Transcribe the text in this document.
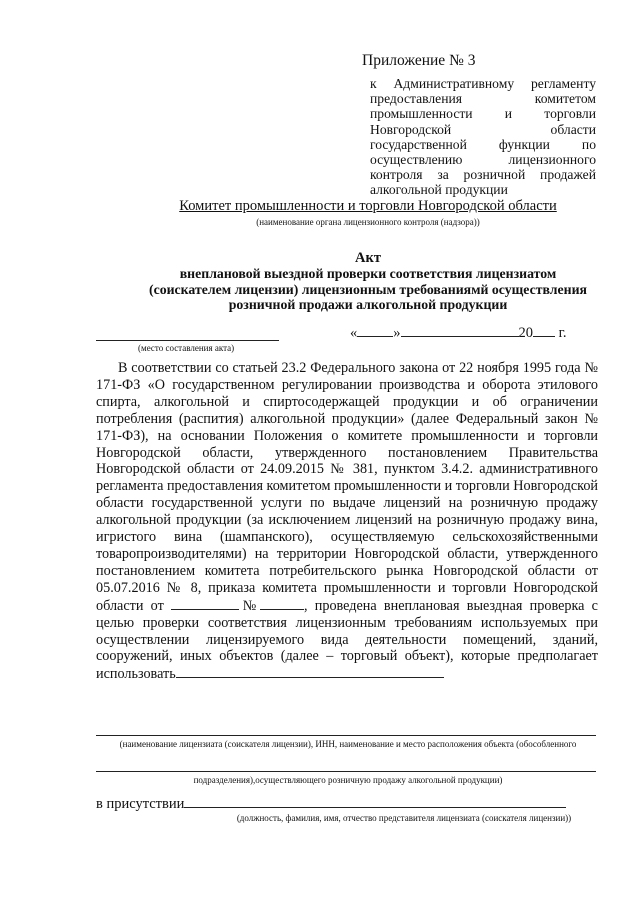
Приложение № 3
к Административному регламенту
предоставления комитетом
промышленности и торговли
Новгородской области
государственной функции по
осуществлению лицензионного
контроля за розничной продажей
алкогольной продукции
Комитет промышленности и торговли Новгородской области
(наименование органа лицензионного контроля (надзора))
Акт
внеплановой выездной проверки соответствия лицензиатом
(соискателем лицензии) лицензионным требованиямй осуществления
розничной продажи алкогольной продукции
(место составления акта)
« »	20 г.
В соответствии со статьей 23.2 Федерального закона от 22 ноября 1995 года № 171-ФЗ «О государственном регулировании производства и оборота этилового спирта, алкогольной и спиртосодержащей продукции и об ограничении потребления (распития) алкогольной продукции» (далее Федеральный закон № 171-ФЗ), на основании Положения о комитете промышленности и торговли Новгородской области, утвержденного постановлением Правительства Новгородской области от 24.09.2015 № 381, пунктом 3.4.2. административного регламента предоставления комитетом промышленности и торговли Новгородской области государственной услуги по выдаче лицензий на розничную продажу алкогольной продукции (за исключением лицензий на розничную продажу вина, игристого вина (шампанского), осуществляемую сельскохозяйственными товаропроизводителями) на территории Новгородской области, утвержденного постановлением комитета потребительского рынка Новгородской области от 05.07.2016 № 8, приказа комитета промышленности и торговли Новгородской области от	№	, проведена внеплановая выездная проверка с целью проверки соответствия лицензионным требованиям используемых при осуществлении лицензируемого вида деятельности помещений, зданий, сооружений, иных объектов (далее – торговый объект), которые предполагает использовать
(наименование лицензиата (соискателя лицензии), ИНН, наименование и место расположения объекта (обособленного
подразделения),осуществляющего розничную продажу алкогольной продукции)
в присутствии
(должность, фамилия, имя, отчество представителя лицензиата (соискателя лицензии))
